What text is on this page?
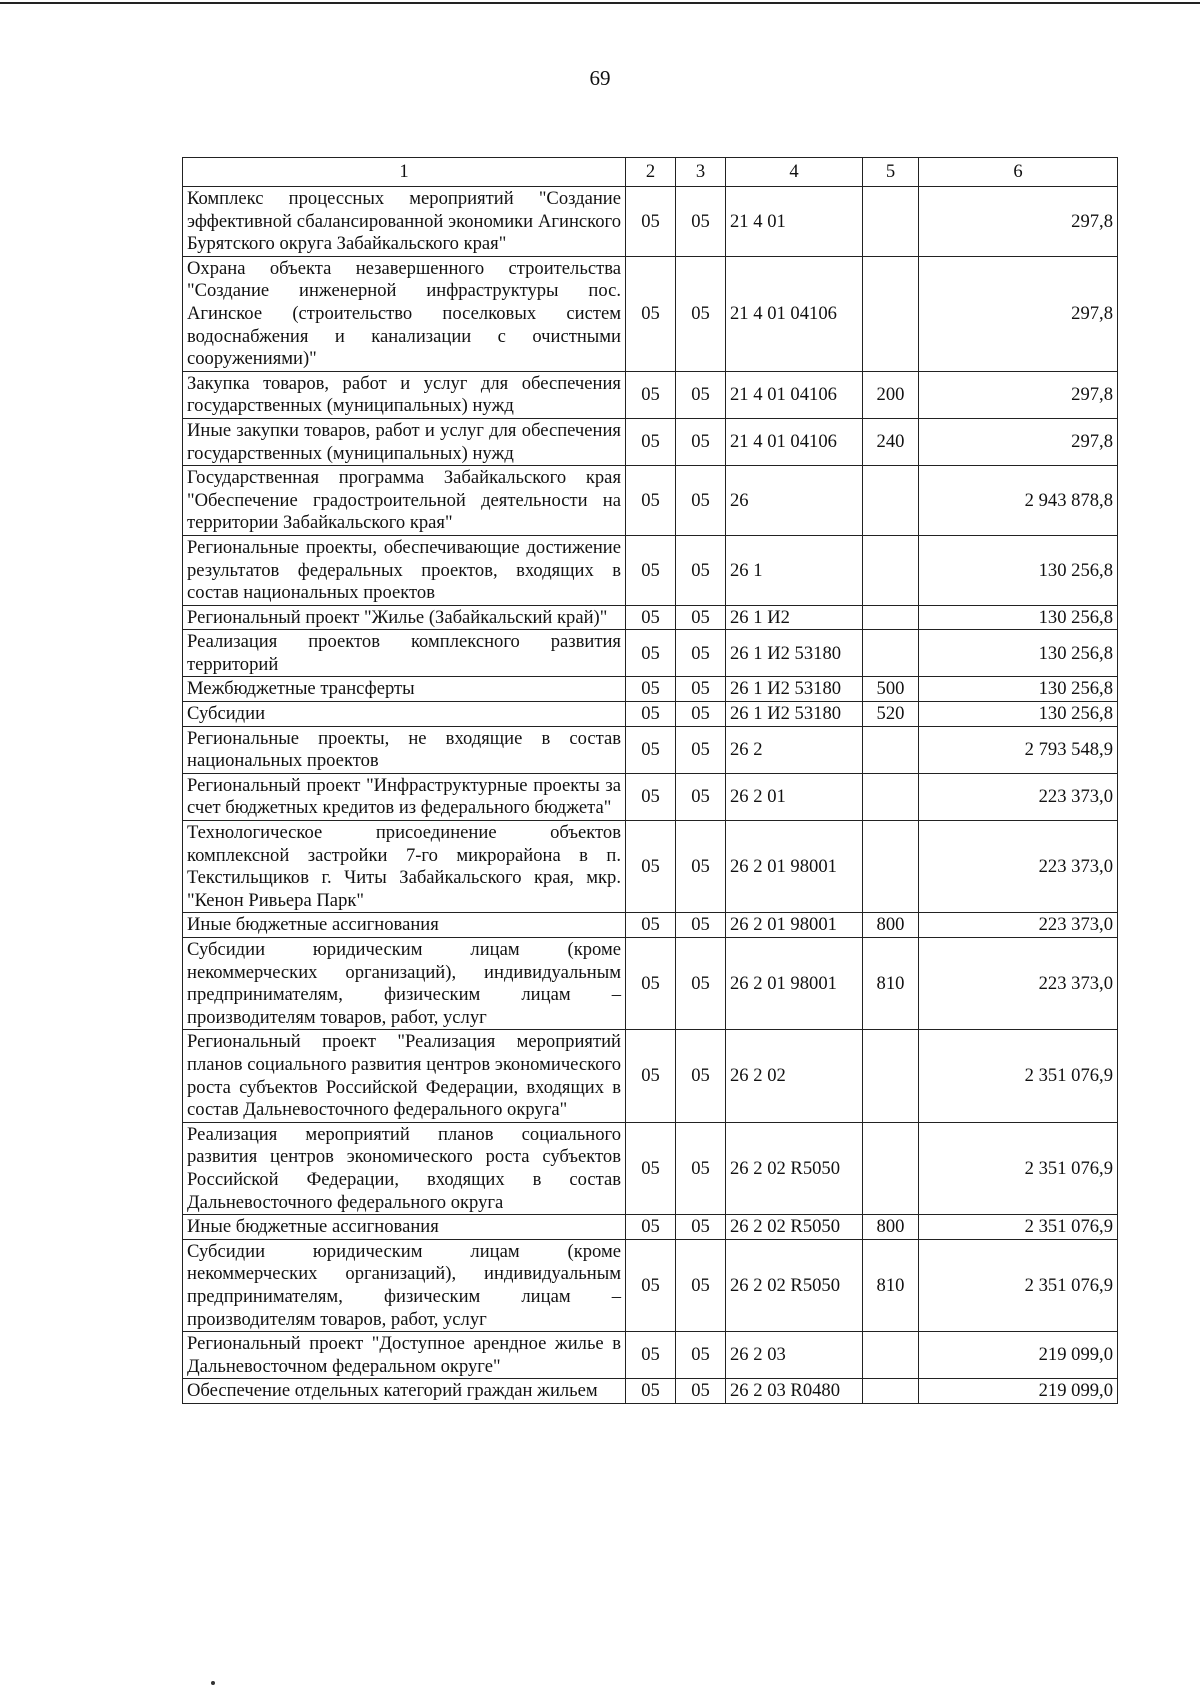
69
1	2	3	4	5	6
Комплекс процессных мероприятий "Создание эффективной сбалансированной экономики Агинского Бурятского округа Забайкальского края"	05	05	21 4 01		297,8
Охрана объекта незавершенного строительства "Создание инженерной инфраструктуры пос. Агинское (строительство поселковых систем водоснабжения и канализации с очистными сооружениями)"	05	05	21 4 01 04106		297,8
Закупка товаров, работ и услуг для обеспечения государственных (муниципальных) нужд	05	05	21 4 01 04106	200	297,8
Иные закупки товаров, работ и услуг для обеспечения государственных (муниципальных) нужд	05	05	21 4 01 04106	240	297,8
Государственная программа Забайкальского края "Обеспечение градостроительной деятельности на территории Забайкальского края"	05	05	26		2 943 878,8
Региональные проекты, обеспечивающие достижение результатов федеральных проектов, входящих в состав национальных проектов	05	05	26 1		130 256,8
Региональный проект "Жилье (Забайкальский край)"	05	05	26 1 И2		130 256,8
Реализация проектов комплексного развития территорий	05	05	26 1 И2 53180		130 256,8
Межбюджетные трансферты	05	05	26 1 И2 53180	500	130 256,8
Субсидии	05	05	26 1 И2 53180	520	130 256,8
Региональные проекты, не входящие в состав национальных проектов	05	05	26 2		2 793 548,9
Региональный проект "Инфраструктурные проекты за счет бюджетных кредитов из федерального бюджета"	05	05	26 2 01		223 373,0
Технологическое присоединение объектов комплексной застройки 7-го микрорайона в п. Текстильщиков г. Читы Забайкальского края, мкр. "Кенон Ривьера Парк"	05	05	26 2 01 98001		223 373,0
Иные бюджетные ассигнования	05	05	26 2 01 98001	800	223 373,0
Субсидии юридическим лицам (кроме некоммерческих организаций), индивидуальным предпринимателям, физическим лицам – производителям товаров, работ, услуг	05	05	26 2 01 98001	810	223 373,0
Региональный проект "Реализация мероприятий планов социального развития центров экономического роста субъектов Российской Федерации, входящих в состав Дальневосточного федерального округа"	05	05	26 2 02		2 351 076,9
Реализация мероприятий планов социального развития центров экономического роста субъектов Российской Федерации, входящих в состав Дальневосточного федерального округа	05	05	26 2 02 R5050		2 351 076,9
Иные бюджетные ассигнования	05	05	26 2 02 R5050	800	2 351 076,9
Субсидии юридическим лицам (кроме некоммерческих организаций), индивидуальным предпринимателям, физическим лицам – производителям товаров, работ, услуг	05	05	26 2 02 R5050	810	2 351 076,9
Региональный проект "Доступное арендное жилье в Дальневосточном федеральном округе"	05	05	26 2 03		219 099,0
Обеспечение отдельных категорий граждан жильем	05	05	26 2 03 R0480		219 099,0
